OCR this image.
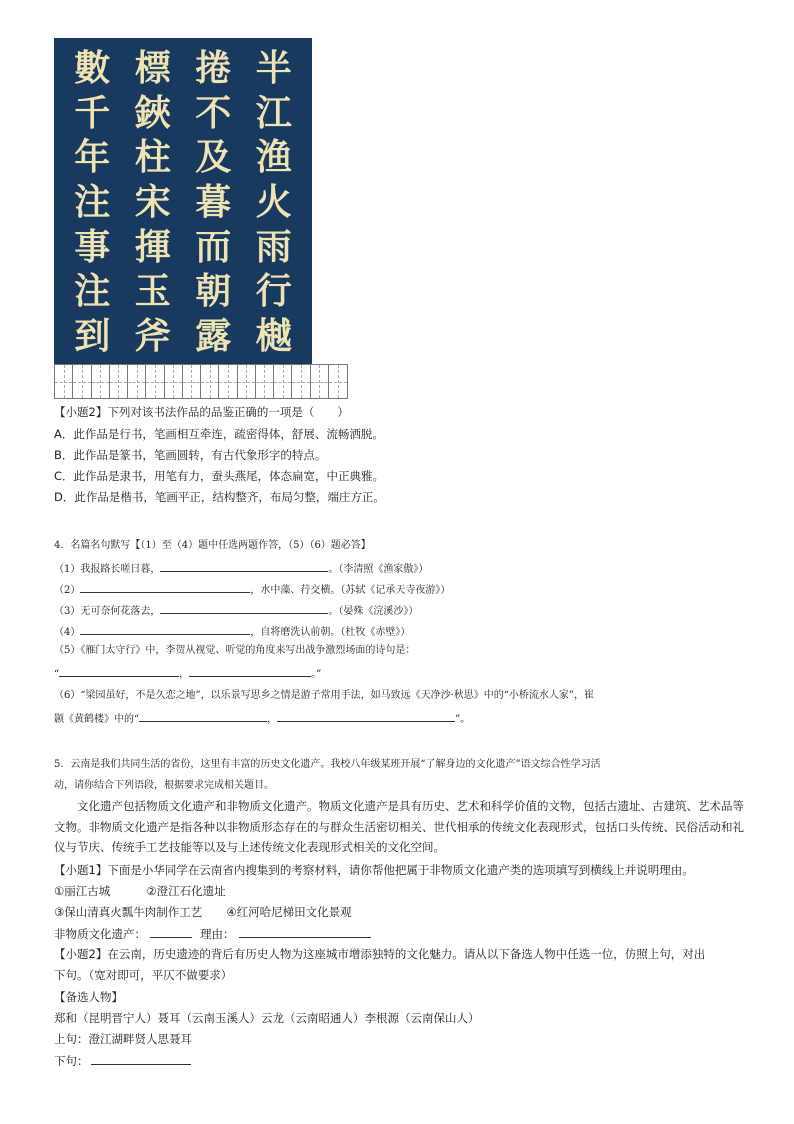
數 標 捲 半
千 鋏 不 江
年 柱 及 渔
注 宋 暮 火
事 揮 而 雨
注 玉 朝 行
到 斧 露 樾
【小题2】下列对该书法作品的品鉴正确的一项是（　　）
A．此作品是行书，笔画相互牵连，疏密得体，舒展、流畅洒脱。
B．此作品是篆书，笔画圆转，有古代象形字的特点。
C．此作品是隶书，用笔有力，蚕头燕尾，体态扁宽，中正典雅。
D．此作品是楷书，笔画平正，结构整齐，布局匀整，端庄方正。
4．名篇名句默写【（1）至（4）题中任选两题作答，（5）（6）题必答】
（1）我报路长嗟日暮，	。（李清照《渔家傲》）
（2）	，水中藻、荇交横。（苏轼《记承天寺夜游》）
（3）无可奈何花落去，	。（晏殊《浣溪沙》）
（4）	，自将磨洗认前朝。（杜牧《赤壁》）
（5）《雁门太守行》中，李贺从视觉、听觉的角度来写出战争激烈场面的诗句是：
“	，	。”
（6）“梁园虽好，不是久恋之地”，以乐景写思乡之情是游子常用手法，如马致远《天净沙·秋思》中的“小桥流水人家”，崔
颢《黄鹤楼》中的“	，	”。
5．云南是我们共同生活的省份，这里有丰富的历史文化遗产。我校八年级某班开展“了解身边的文化遗产”语文综合性学习活
动，请你结合下列语段，根据要求完成相关题目。
文化遗产包括物质文化遗产和非物质文化遗产。物质文化遗产是具有历史、艺术和科学价值的文物，包括古遗址、古建筑、艺术品等文物。非物质文化遗产是指各种以非物质形态存在的与群众生活密切相关、世代相承的传统文化表现形式，包括口头传统、民俗活动和礼仪与节庆、传统手工艺技能等以及与上述传统文化表现形式相关的文化空间。
【小题1】下面是小华同学在云南省内搜集到的考察材料，请你帮他把属于非物质文化遗产类的选项填写到横线上并说明理由。
①丽江古城	②澄江石化遗址
③保山清真火瓢牛肉制作工艺 ④红河哈尼梯田文化景观
非物质文化遗产：	理由：
【小题2】在云南，历史遗迹的背后有历史人物为这座城市增添独特的文化魅力。请从以下备选人物中任选一位，仿照上句，对出
下句。（宽对即可，平仄不做要求）
【备选人物】
郑和（昆明晋宁人）聂耳（云南玉溪人）云龙（云南昭通人）李根源（云南保山人）
上句：澄江湖畔贤人思聂耳
下句：
